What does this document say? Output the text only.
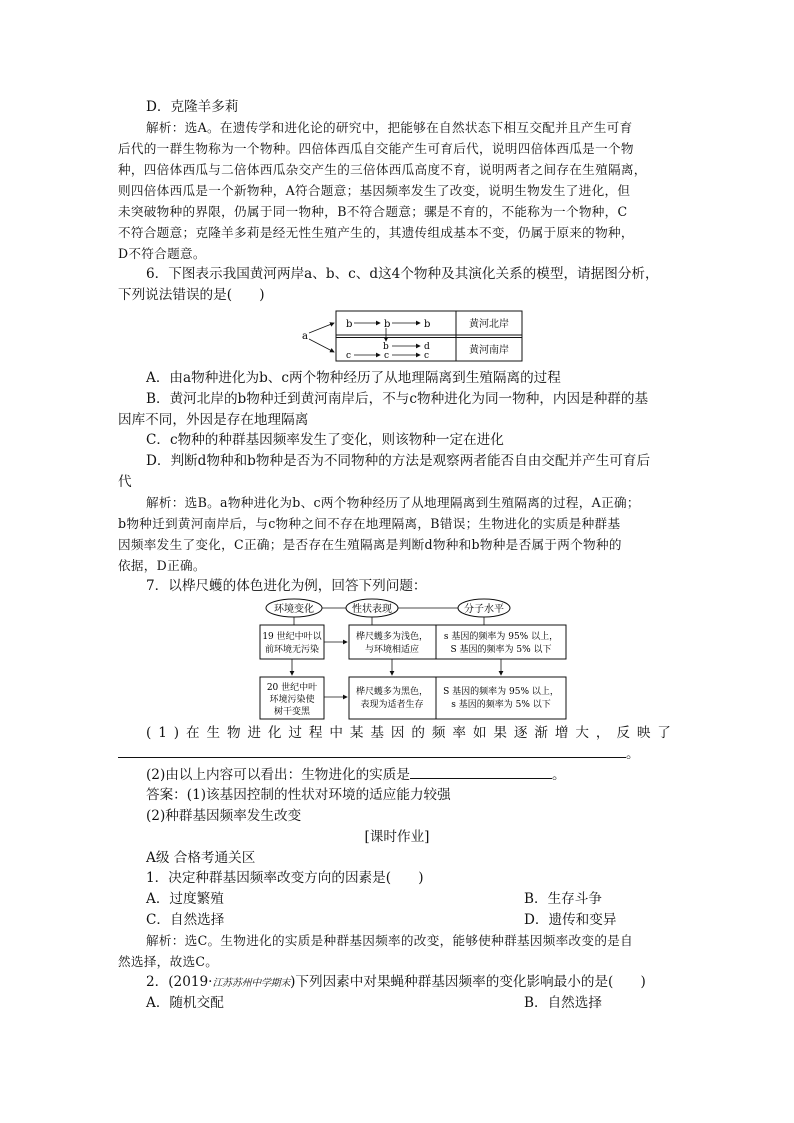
D．克隆羊多莉
解析：选A。在遗传学和进化论的研究中，把能够在自然状态下相互交配并且产生可育
后代的一群生物称为一个物种。四倍体西瓜自交能产生可育后代，说明四倍体西瓜是一个物
种，四倍体西瓜与二倍体西瓜杂交产生的三倍体西瓜高度不育，说明两者之间存在生殖隔离，
则四倍体西瓜是一个新物种，A符合题意；基因频率发生了改变，说明生物发生了进化，但
未突破物种的界限，仍属于同一物种，B不符合题意；骡是不育的，不能称为一个物种，C
不符合题意；克隆羊多莉是经无性生殖产生的，其遗传组成基本不变，仍属于原来的物种，
D不符合题意。
6．下图表示我国黄河两岸a、b、c、d这4个物种及其演化关系的模型，请据图分析，
下列说法错误的是(　　)
a
b	b	b
b	d
c	c	c
黄河北岸
黄河南岸
A．由a物种进化为b、c两个物种经历了从地理隔离到生殖隔离的过程
B．黄河北岸的b物种迁到黄河南岸后，不与c物种进化为同一物种，内因是种群的基
因库不同，外因是存在地理隔离
C．c物种的种群基因频率发生了变化，则该物种一定在进化
D．判断d物种和b物种是否为不同物种的方法是观察两者能否自由交配并产生可育后
代
解析：选B。a物种进化为b、c两个物种经历了从地理隔离到生殖隔离的过程，A正确；
b物种迁到黄河南岸后，与c物种之间不存在地理隔离，B错误；生物进化的实质是种群基
因频率发生了变化，C正确；是否存在生殖隔离是判断d物种和b物种是否属于两个物种的
依据，D正确。
7．以桦尺蠖的体色进化为例，回答下列问题：
环境变化	性状表现	分子水平
19 世纪中叶以
前环境无污染
桦尺蠖多为浅色，
与环境相适应
s 基因的频率为 95% 以上，
S 基因的频率为 5% 以下
20 世纪中叶
环境污染使
树干变黑
桦尺蠖多为黑色，
表现为适者生存
S 基因的频率为 95% 以上，
s 基因的频率为 5% 以下
(1)在生物进化过程中某基因的频率如果逐渐增大，反映了
。
(2)由以上内容可以看出：生物进化的实质是	。
答案：(1)该基因控制的性状对环境的适应能力较强
(2)种群基因频率发生改变
[课时作业]
A级 合格考通关区
1．决定种群基因频率改变方向的因素是(　　)
A．过度繁殖	B．生存斗争
C．自然选择	D．遗传和变异
解析：选C。生物进化的实质是种群基因频率的改变，能够使种群基因频率改变的是自
然选择，故选C。
2．(2019·江苏苏州中学期末)下列因素中对果蝇种群基因频率的变化影响最小的是(　　)
A．随机交配	B．自然选择
